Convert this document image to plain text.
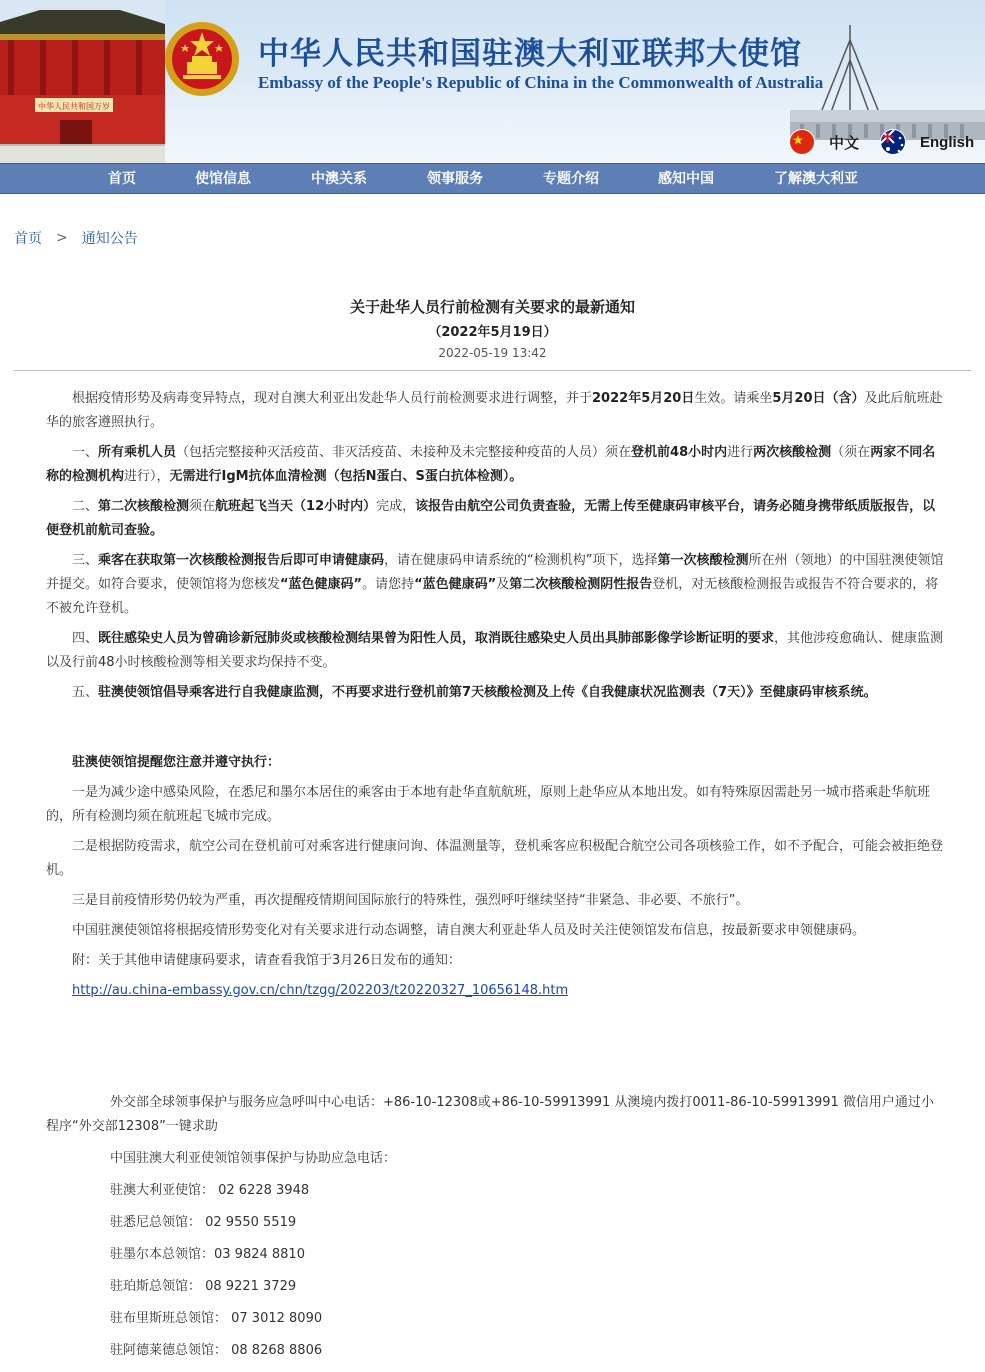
中华人民共和国万岁
中华人民共和国驻澳大利亚联邦大使馆
Embassy of the People's Republic of China in the Commonwealth of Australia
中文	English
首页	使馆信息	中澳关系	领事服务	专题介绍	感知中国	了解澳大利亚
首页 > 通知公告
关于赴华人员行前检测有关要求的最新通知
（2022年5月19日）
2022-05-19 13:42
根据疫情形势及病毒变异特点，现对自澳大利亚出发赴华人员行前检测要求进行调整，并于2022年5月20日生效。请乘坐5月20日（含）及此后航班赴华的旅客遵照执行。
一、所有乘机人员（包括完整接种灭活疫苗、非灭活疫苗、未接种及未完整接种疫苗的人员）须在登机前48小时内进行两次核酸检测（须在两家不同名称的检测机构进行），无需进行IgM抗体血清检测（包括N蛋白、S蛋白抗体检测）。
二、第二次核酸检测须在航班起飞当天（12小时内）完成，该报告由航空公司负责查验，无需上传至健康码审核平台，请务必随身携带纸质版报告，以便登机前航司查验。
三、乘客在获取第一次核酸检测报告后即可申请健康码，请在健康码申请系统的“检测机构”项下，选择第一次核酸检测所在州（领地）的中国驻澳使领馆并提交。如符合要求，使领馆将为您核发“蓝色健康码”。请您持“蓝色健康码”及第二次核酸检测阴性报告登机，对无核酸检测报告或报告不符合要求的，将不被允许登机。
四、既往感染史人员为曾确诊新冠肺炎或核酸检测结果曾为阳性人员，取消既往感染史人员出具肺部影像学诊断证明的要求，其他涉疫愈确认、健康监测以及行前48小时核酸检测等相关要求均保持不变。
五、驻澳使领馆倡导乘客进行自我健康监测，不再要求进行登机前第7天核酸检测及上传《自我健康状况监测表（7天）》至健康码审核系统。
驻澳使领馆提醒您注意并遵守执行：
一是为减少途中感染风险，在悉尼和墨尔本居住的乘客由于本地有赴华直航航班，原则上赴华应从本地出发。如有特殊原因需赴另一城市搭乘赴华航班的，所有检测均须在航班起飞城市完成。
二是根据防疫需求，航空公司在登机前可对乘客进行健康问询、体温测量等，登机乘客应积极配合航空公司各项核验工作，如不予配合，可能会被拒绝登机。
三是目前疫情形势仍较为严重，再次提醒疫情期间国际旅行的特殊性，强烈呼吁继续坚持“非紧急、非必要、不旅行”。
中国驻澳使领馆将根据疫情形势变化对有关要求进行动态调整，请自澳大利亚赴华人员及时关注使领馆发布信息，按最新要求申领健康码。
附：关于其他申请健康码要求，请查看我馆于3月26日发布的通知：
http://au.china-embassy.gov.cn/chn/tzgg/202203/t20220327_10656148.htm
外交部全球领事保护与服务应急呼叫中心电话：+86-10-12308或+86-10-59913991 从澳境内拨打0011-86-10-59913991 微信用户通过小程序“外交部12308”一键求助
中国驻澳大利亚使领馆领事保护与协助应急电话：
驻澳大利亚使馆： 02 6228 3948
驻悉尼总领馆： 02 9550 5519
驻墨尔本总领馆：03 9824 8810
驻珀斯总领馆： 08 9221 3729
驻布里斯班总领馆： 07 3012 8090
驻阿德莱德总领馆： 08 8268 8806
